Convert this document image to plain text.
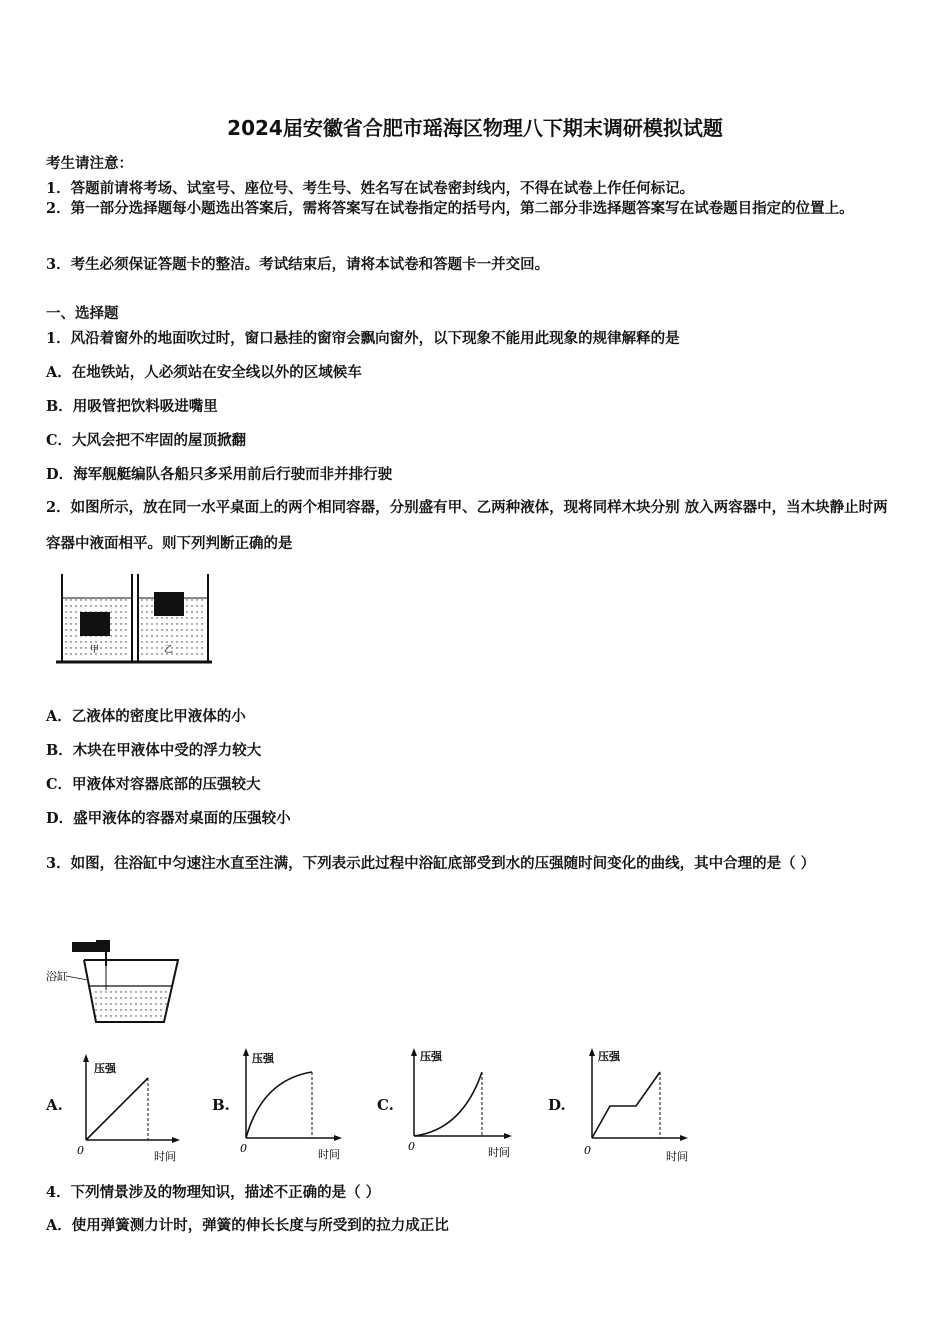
2024届安徽省合肥市瑶海区物理八下期末调研模拟试题
考生请注意：
1．答题前请将考场、试室号、座位号、考生号、姓名写在试卷密封线内，不得在试卷上作任何标记。
2．第一部分选择题每小题选出答案后，需将答案写在试卷指定的括号内，第二部分非选择题答案写在试卷题目指定的位置上。
3．考生必须保证答题卡的整洁。考试结束后，请将本试卷和答题卡一并交回。
一、选择题
1．风沿着窗外的地面吹过时，窗口悬挂的窗帘会飘向窗外，以下现象不能用此现象的规律解释的是
A．在地铁站，人必须站在安全线以外的区域候车
B．用吸管把饮料吸进嘴里
C．大风会把不牢固的屋顶掀翻
D．海军舰艇编队各船只多采用前后行驶而非并排行驶
2．如图所示，放在同一水平桌面上的两个相同容器，分别盛有甲、乙两种液体，现将同样木块分别 放入两容器中，当木块静止时两容器中液面相平。则下列判断正确的是
甲	乙
A．乙液体的密度比甲液体的小
B．木块在甲液体中受的浮力较大
C．甲液体对容器底部的压强较大
D．盛甲液体的容器对桌面的压强较小
3．如图，往浴缸中匀速注水直至注满，下列表示此过程中浴缸底部受到水的压强随时间变化的曲线，其中合理的是（ ）
浴缸
A.	B.	C.	D.
压强
0	时间
压强
0	时间
压强
0	时间
压强
0	时间
4．下列情景涉及的物理知识，描述不正确的是（ ）
A．使用弹簧测力计时，弹簧的伸长长度与所受到的拉力成正比
